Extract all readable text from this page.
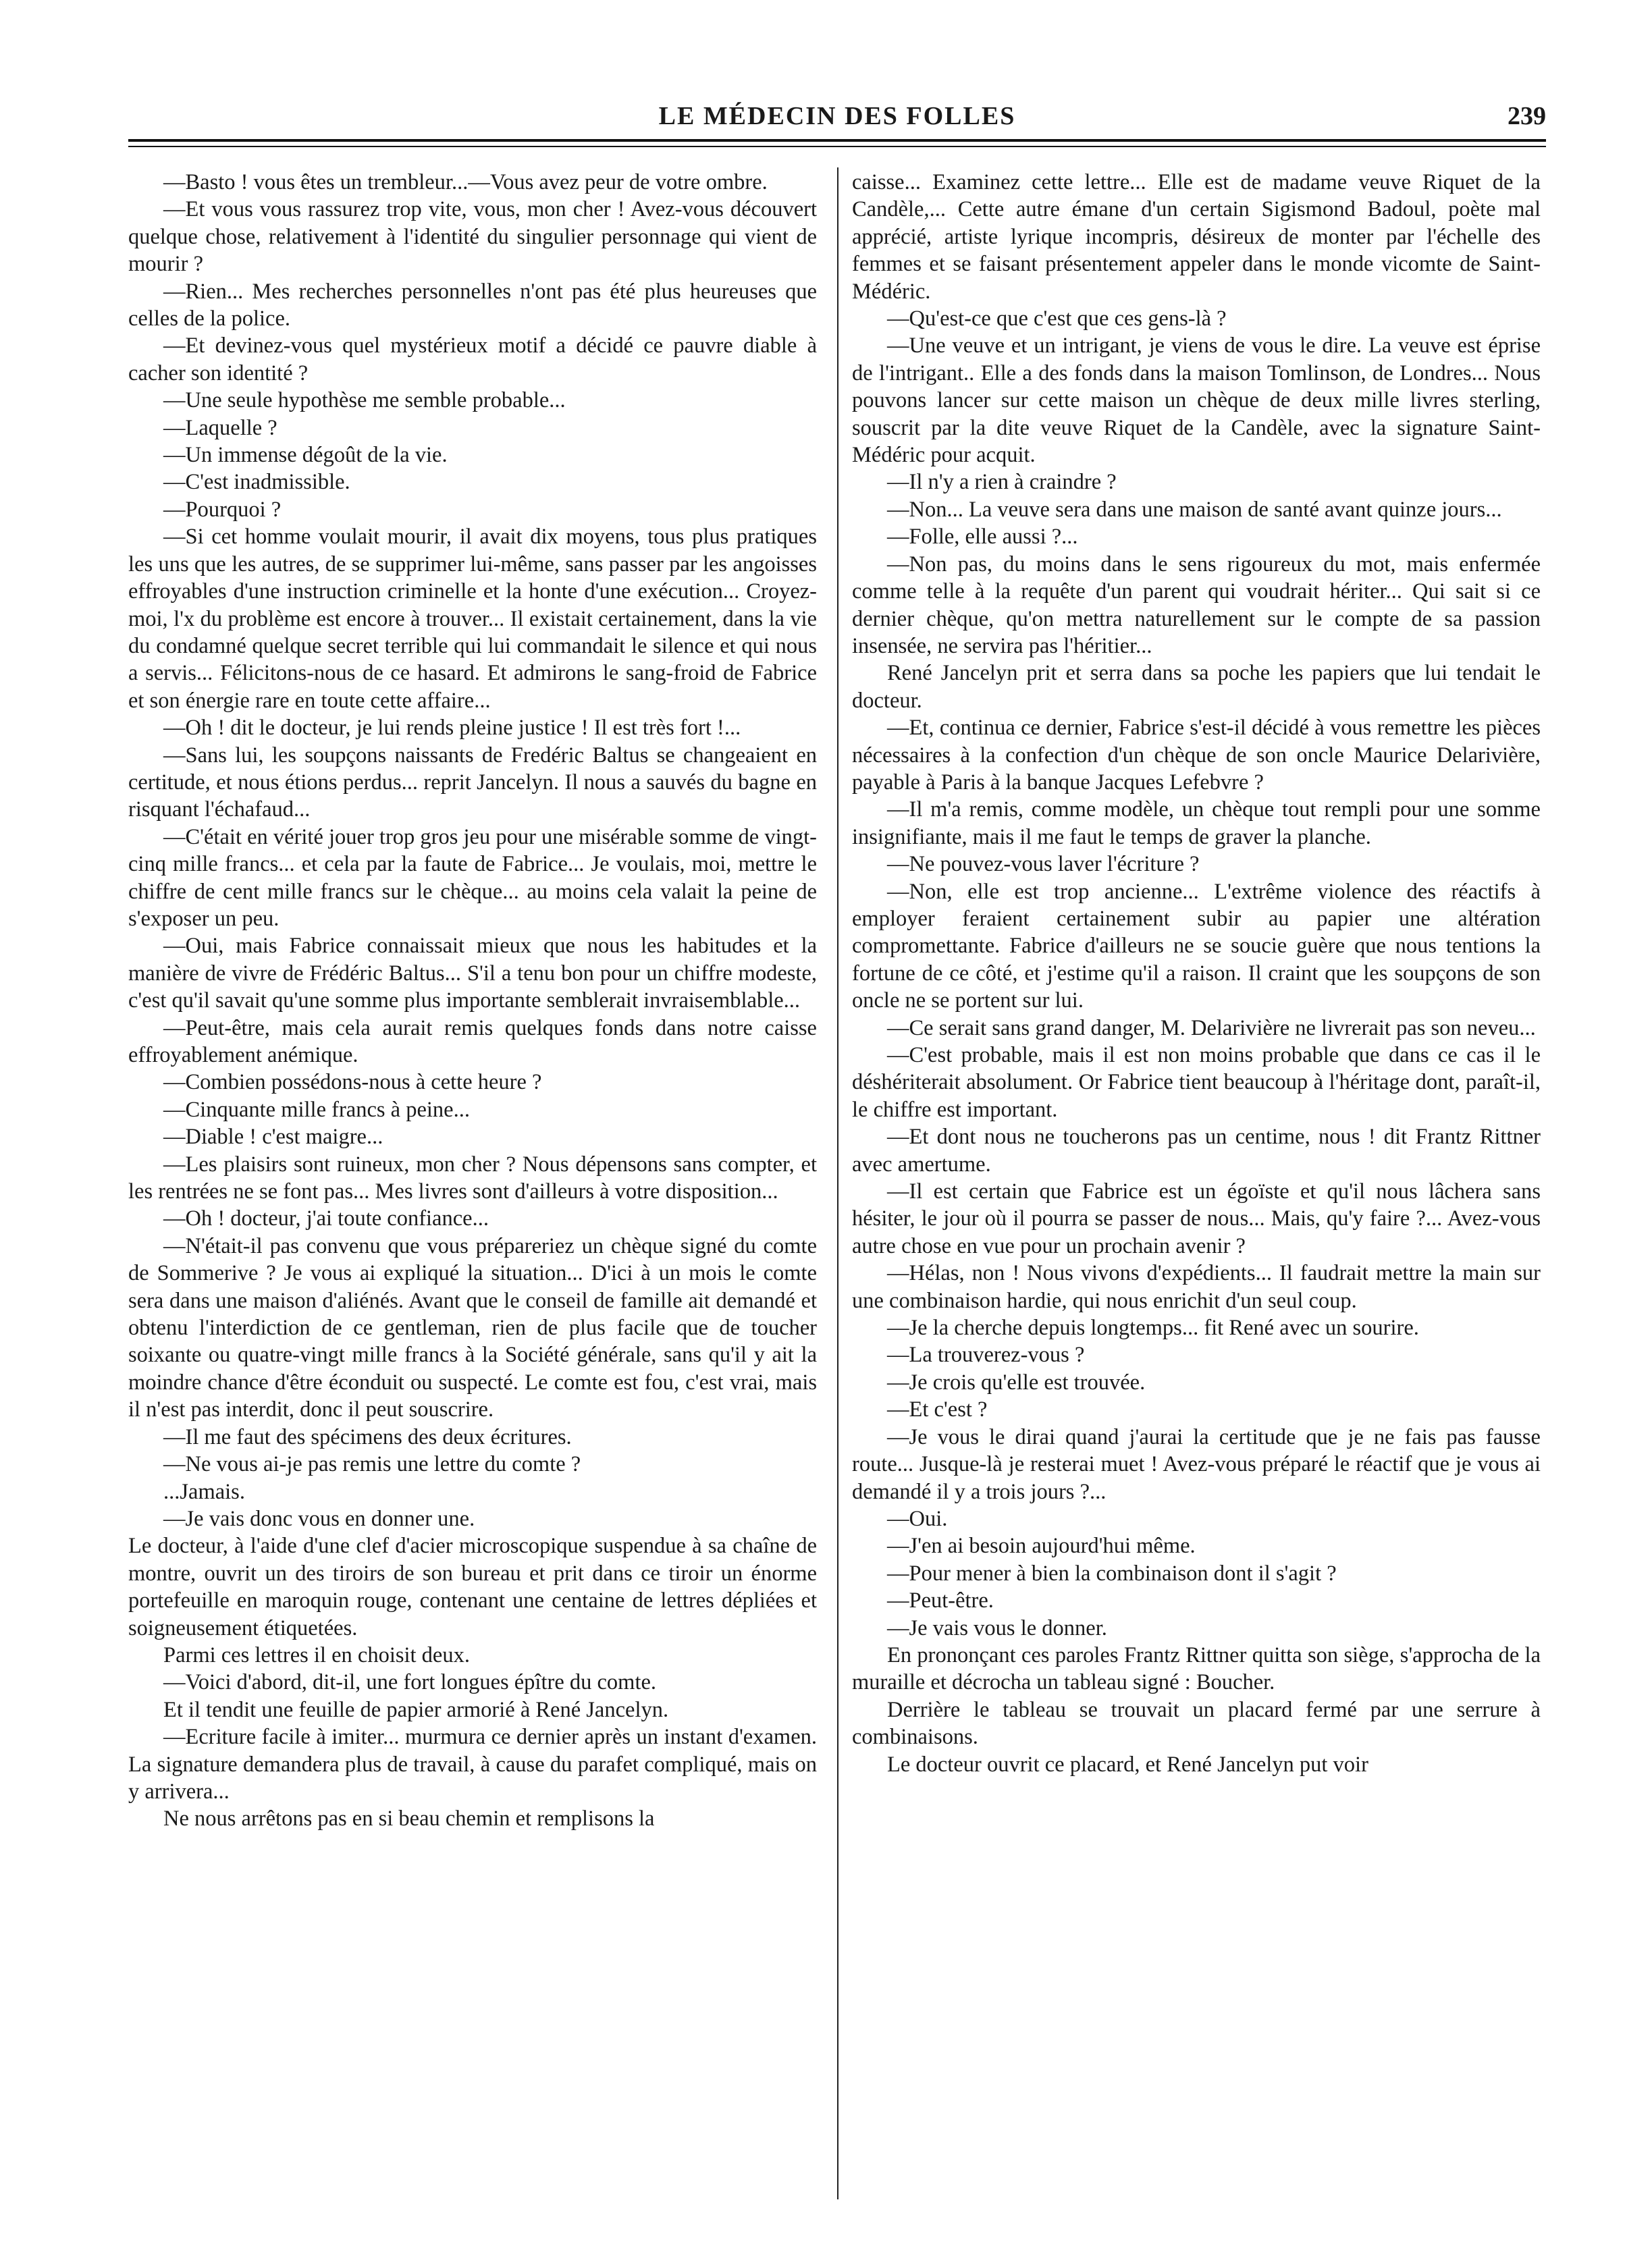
LE MÉDECIN DES FOLLES	239

—Basto ! vous êtes un trembleur...—Vous avez peur de votre ombre.

—Et vous vous rassurez trop vite, vous, mon cher ! Avez-vous découvert quelque chose, relativement à l'identité du singulier personnage qui vient de mourir ?

—Rien... Mes recherches personnelles n'ont pas été plus heureuses que celles de la police.

—Et devinez-vous quel mystérieux motif a décidé ce pauvre diable à cacher son identité ?

—Une seule hypothèse me semble probable...

—Laquelle ?

—Un immense dégoût de la vie.

—C'est inadmissible.

—Pourquoi ?

—Si cet homme voulait mourir, il avait dix moyens, tous plus pratiques les uns que les autres, de se supprimer lui-même, sans passer par les angoisses effroyables d'une instruction criminelle et la honte d'une exécution... Croyez-moi, l'x du problème est encore à trouver... Il existait certainement, dans la vie du condamné quelque secret terrible qui lui commandait le silence et qui nous a servis... Félicitons-nous de ce hasard. Et admirons le sang-froid de Fabrice et son énergie rare en toute cette affaire...

—Oh ! dit le docteur, je lui rends pleine justice ! Il est très fort !...

—Sans lui, les soupçons naissants de Fredéric Baltus se changeaient en certitude, et nous étions perdus... reprit Jancelyn. Il nous a sauvés du bagne en risquant l'échafaud...

—C'était en vérité jouer trop gros jeu pour une misérable somme de vingt-cinq mille francs... et cela par la faute de Fabrice... Je voulais, moi, mettre le chiffre de cent mille francs sur le chèque... au moins cela valait la peine de s'exposer un peu.

—Oui, mais Fabrice connaissait mieux que nous les habitudes et la manière de vivre de Frédéric Baltus... S'il a tenu bon pour un chiffre modeste, c'est qu'il savait qu'une somme plus importante semblerait invraisemblable...

—Peut-être, mais cela aurait remis quelques fonds dans notre caisse effroyablement anémique.

—Combien possédons-nous à cette heure ?

—Cinquante mille francs à peine...

—Diable ! c'est maigre...

—Les plaisirs sont ruineux, mon cher ? Nous dépensons sans compter, et les rentrées ne se font pas... Mes livres sont d'ailleurs à votre disposition...

—Oh ! docteur, j'ai toute confiance...

—N'était-il pas convenu que vous prépareriez un chèque signé du comte de Sommerive ? Je vous ai expliqué la situation... D'ici à un mois le comte sera dans une maison d'aliénés. Avant que le conseil de famille ait demandé et obtenu l'interdiction de ce gentleman, rien de plus facile que de toucher soixante ou quatre-vingt mille francs à la Société générale, sans qu'il y ait la moindre chance d'être éconduit ou suspecté. Le comte est fou, c'est vrai, mais il n'est pas interdit, donc il peut souscrire.

—Il me faut des spécimens des deux écritures.

—Ne vous ai-je pas remis une lettre du comte ?

...Jamais.

—Je vais donc vous en donner une.

Le docteur, à l'aide d'une clef d'acier microscopique suspendue à sa chaîne de montre, ouvrit un des tiroirs de son bureau et prit dans ce tiroir un énorme portefeuille en maroquin rouge, contenant une centaine de lettres dépliées et soigneusement étiquetées.

Parmi ces lettres il en choisit deux.

—Voici d'abord, dit-il, une fort longues épître du comte.

Et il tendit une feuille de papier armorié à René Jancelyn.

—Ecriture facile à imiter... murmura ce dernier après un instant d'examen. La signature demandera plus de travail, à cause du parafet compliqué, mais on y arrivera...

Ne nous arrêtons pas en si beau chemin et remplisons la

caisse... Examinez cette lettre... Elle est de madame veuve Riquet de la Candèle,... Cette autre émane d'un certain Sigismond Badoul, poète mal apprécié, artiste lyrique incompris, désireux de monter par l'échelle des femmes et se faisant présentement appeler dans le monde vicomte de Saint-Médéric.

—Qu'est-ce que c'est que ces gens-là ?

—Une veuve et un intrigant, je viens de vous le dire. La veuve est éprise de l'intrigant.. Elle a des fonds dans la maison Tomlinson, de Londres... Nous pouvons lancer sur cette maison un chèque de deux mille livres sterling, souscrit par la dite veuve Riquet de la Candèle, avec la signature Saint-Médéric pour acquit.

—Il n'y a rien à craindre ?

—Non... La veuve sera dans une maison de santé avant quinze jours...

—Folle, elle aussi ?...

—Non pas, du moins dans le sens rigoureux du mot, mais enfermée comme telle à la requête d'un parent qui voudrait hériter... Qui sait si ce dernier chèque, qu'on mettra naturellement sur le compte de sa passion insensée, ne servira pas l'héritier...

René Jancelyn prit et serra dans sa poche les papiers que lui tendait le docteur.

—Et, continua ce dernier, Fabrice s'est-il décidé à vous remettre les pièces nécessaires à la confection d'un chèque de son oncle Maurice Delarivière, payable à Paris à la banque Jacques Lefebvre ?

—Il m'a remis, comme modèle, un chèque tout rempli pour une somme insignifiante, mais il me faut le temps de graver la planche.

—Ne pouvez-vous laver l'écriture ?

—Non, elle est trop ancienne... L'extrême violence des réactifs à employer feraient certainement subir au papier une altération compromettante. Fabrice d'ailleurs ne se soucie guère que nous tentions la fortune de ce côté, et j'estime qu'il a raison. Il craint que les soupçons de son oncle ne se portent sur lui.

—Ce serait sans grand danger, M. Delarivière ne livrerait pas son neveu...

—C'est probable, mais il est non moins probable que dans ce cas il le déshériterait absolument. Or Fabrice tient beaucoup à l'héritage dont, paraît-il, le chiffre est important.

—Et dont nous ne toucherons pas un centime, nous ! dit Frantz Rittner avec amertume.

—Il est certain que Fabrice est un égoïste et qu'il nous lâchera sans hésiter, le jour où il pourra se passer de nous... Mais, qu'y faire ?... Avez-vous autre chose en vue pour un prochain avenir ?

—Hélas, non ! Nous vivons d'expédients... Il faudrait mettre la main sur une combinaison hardie, qui nous enrichit d'un seul coup.

—Je la cherche depuis longtemps... fit René avec un sourire.

—La trouverez-vous ?

—Je crois qu'elle est trouvée.

—Et c'est ?

—Je vous le dirai quand j'aurai la certitude que je ne fais pas fausse route... Jusque-là je resterai muet ! Avez-vous préparé le réactif que je vous ai demandé il y a trois jours ?...

—Oui.

—J'en ai besoin aujourd'hui même.

—Pour mener à bien la combinaison dont il s'agit ?

—Peut-être.

—Je vais vous le donner.

En prononçant ces paroles Frantz Rittner quitta son siège, s'approcha de la muraille et décrocha un tableau signé : Boucher.

Derrière le tableau se trouvait un placard fermé par une serrure à combinaisons.

Le docteur ouvrit ce placard, et René Jancelyn put voir
